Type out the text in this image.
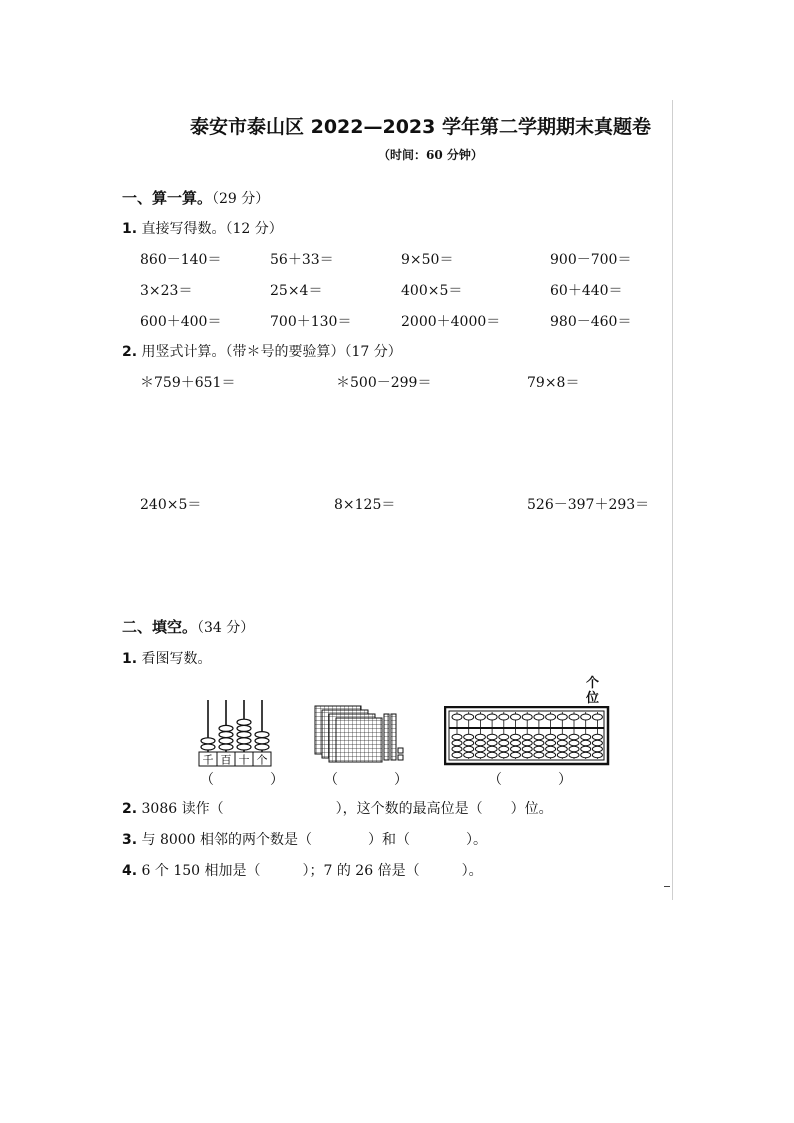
泰安市泰山区 2022—2023 学年第二学期期末真题卷
（时间：60 分钟）
一、算一算。（29 分）
1. 直接写得数。（12 分）
860－140＝	56＋33＝	9×50＝	900－700＝
3×23＝	25×4＝	400×5＝	60＋440＝
600＋400＝	700＋130＝	2000＋4000＝	980－460＝
2. 用竖式计算。（带＊号的要验算）（17 分）
＊759＋651＝	＊500－299＝	79×8＝
240×5＝	8×125＝	526－397＋293＝
二、填空。（34 分）
1. 看图写数。
千 百 十 个
（　　　　）	（　　　　）
个
位
（　　　　）
2. 3086 读作（　　　　　　　　），这个数的最高位是（　　）位。
3. 与 8000 相邻的两个数是（　　　　）和（　　　　）。
4. 6 个 150 相加是（　　　）；7 的 26 倍是（　　　）。
